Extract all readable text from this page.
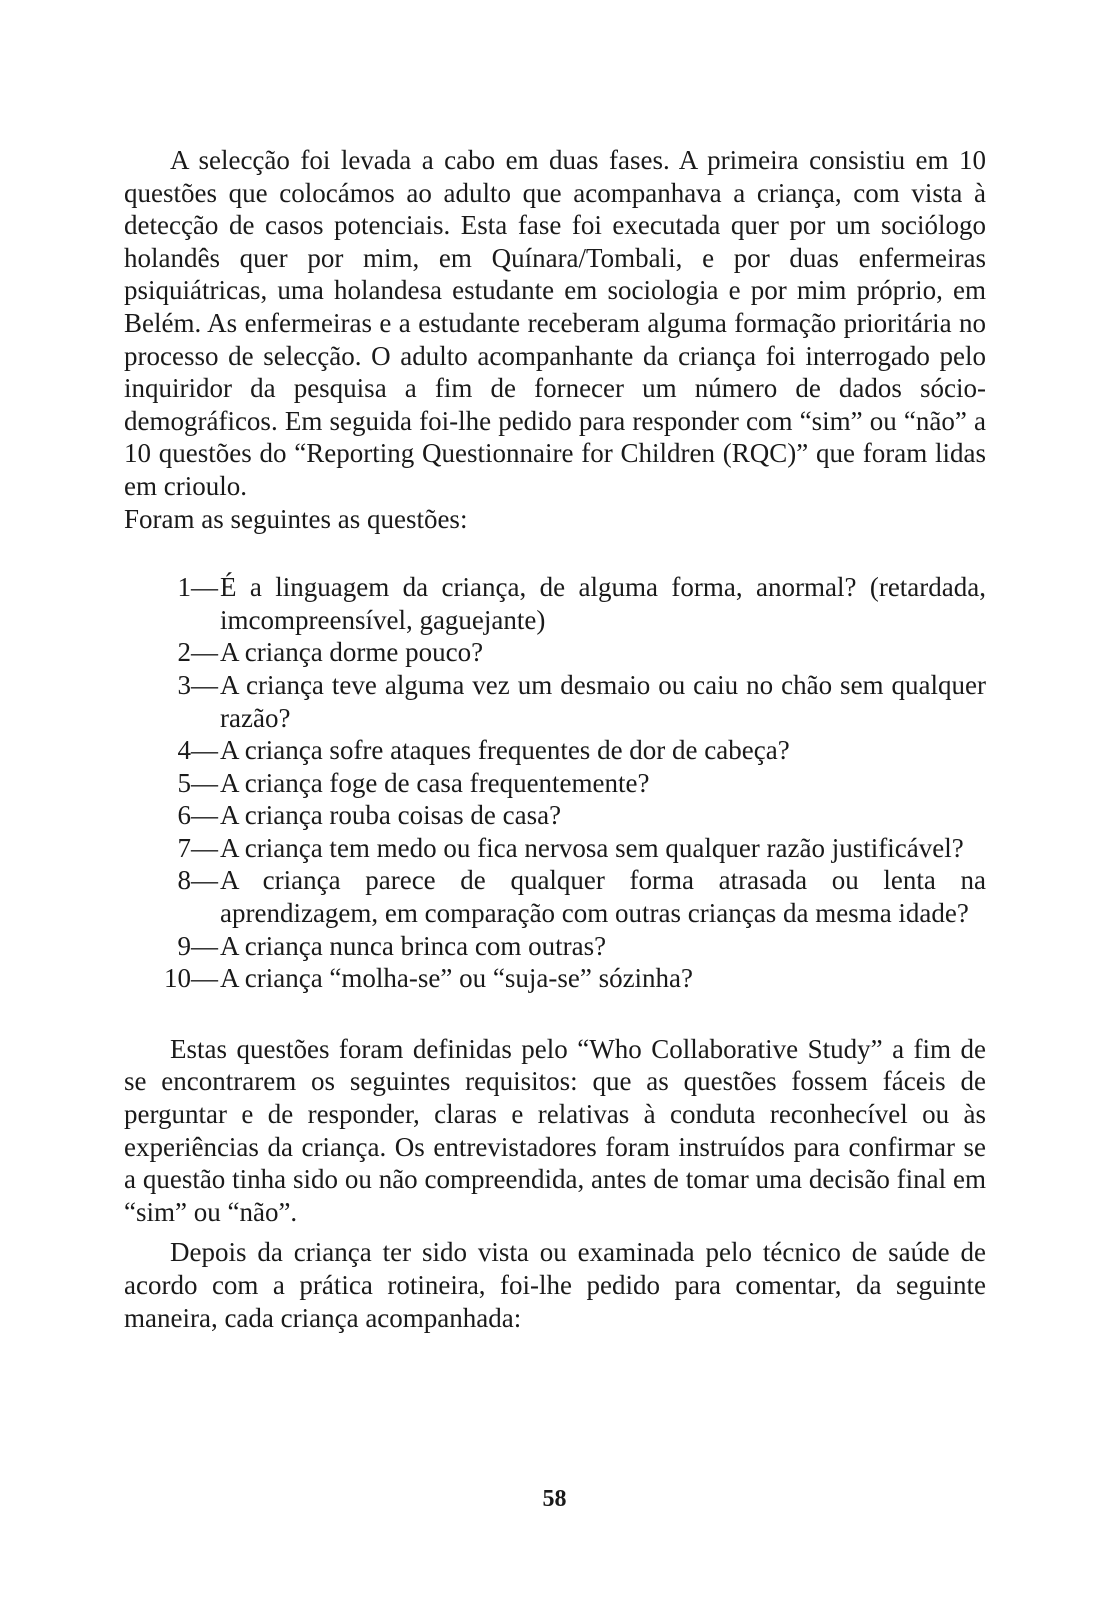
A selecção foi levada a cabo em duas fases. A primeira consistiu em 10 questões que colocámos ao adulto que acompanhava a criança, com vista à detecção de casos potenciais. Esta fase foi executada quer por um sociólogo holandês quer por mim, em Quínara/Tombali, e por duas enfermeiras psiquiátricas, uma holandesa estudante em sociologia e por mim próprio, em Belém. As enfermeiras e a estudante receberam alguma formação prioritária no processo de selecção. O adulto acompanhante da criança foi interrogado pelo inquiridor da pesquisa a fim de fornecer um número de dados sócio-demográficos. Em seguida foi-lhe pedido para responder com “sim” ou “não” a 10 questões do “Reporting Questionnaire for Children (RQC)” que foram lidas em crioulo.

Foram as seguintes as questões:

1— É a linguagem da criança, de alguma forma, anormal? (retardada, imcompreensível, gaguejante)
2— A criança dorme pouco?
3— A criança teve alguma vez um desmaio ou caiu no chão sem qualquer razão?
4— A criança sofre ataques frequentes de dor de cabeça?
5— A criança foge de casa frequentemente?
6— A criança rouba coisas de casa?
7— A criança tem medo ou fica nervosa sem qualquer razão justificável?
8— A criança parece de qualquer forma atrasada ou lenta na aprendizagem, em comparação com outras crianças da mesma idade?
9— A criança nunca brinca com outras?
10— A criança “molha-se” ou “suja-se” sózinha?

Estas questões foram definidas pelo “Who Collaborative Study” a fim de se encontrarem os seguintes requisitos: que as questões fossem fáceis de perguntar e de responder, claras e relativas à conduta reconhecível ou às experiências da criança. Os entrevistadores foram instruídos para confirmar se a questão tinha sido ou não compreendida, antes de tomar uma decisão final em “sim” ou “não”.

Depois da criança ter sido vista ou examinada pelo técnico de saúde de acordo com a prática rotineira, foi-lhe pedido para comentar, da seguinte maneira, cada criança acompanhada:

58
